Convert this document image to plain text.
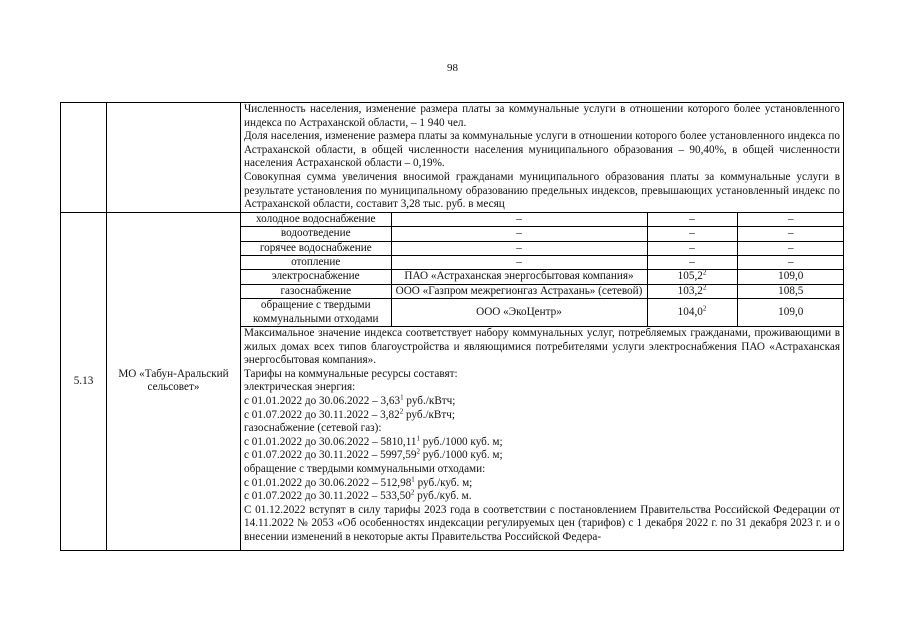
98

Численность населения, изменение размера платы за коммунальные услуги в отношении которого более установленного индекса по Астраханской области, – 1 940 чел.
Доля населения, изменение размера платы за коммунальные услуги в отношении которого более установленного индекса по Астраханской области, в общей численности населения муниципального образования – 90,40%, в общей численности населения Астраханской области – 0,19%.
Совокупная сумма увеличения вносимой гражданами муниципального образования платы за коммунальные услуги в результате установления по муниципальному образованию предельных индексов, превышающих установленный индекс по Астраханской области, составит 3,28 тыс. руб. в месяц

5.13	МО «Табун-Аральский сельсовет»	
холодное водоснабжение	–	–	–
водоотведение	–	–	–
горячее водоснабжение	–	–	–
отопление	–	–	–
электроснабжение	ПАО «Астраханская энергосбытовая компания»	105,2$^2$	109,0
газоснабжение	ООО «Газпром межрегионгаз Астрахань» (сетевой)	103,2$^2$	108,5
обращение с твердыми коммунальными отходами	ООО «ЭкоЦентр»	104,0$^2$	109,0

Максимальное значение индекса соответствует набору коммунальных услуг, потребляемых гражданами, проживающими в жилых домах всех типов благоустройства и являющимися потребителями услуги электроснабжения ПАО «Астраханская энергосбытовая компания».
Тарифы на коммунальные ресурсы составят:
электрическая энергия:
с 01.01.2022 до 30.06.2022 – 3,63$^1$ руб./кВтч;
с 01.07.2022 до 30.11.2022 – 3,82$^2$ руб./кВтч;
газоснабжение (сетевой газ):
с 01.01.2022 до 30.06.2022 – 5810,11$^1$ руб./1000 куб. м;
с 01.07.2022 до 30.11.2022 – 5997,59$^2$ руб./1000 куб. м;
обращение с твердыми коммунальными отходами:
с 01.01.2022 до 30.06.2022 – 512,98$^1$ руб./куб. м;
с 01.07.2022 до 30.11.2022 – 533,50$^2$ руб./куб. м.
С 01.12.2022 вступят в силу тарифы 2023 года в соответствии с постановлением Правительства Российской Федерации от 14.11.2022 № 2053 «Об особенностях индексации регулируемых цен (тарифов) с 1 декабря 2022 г. по 31 декабря 2023 г. и о внесении изменений в некоторые акты Правительства Российской Федера-
